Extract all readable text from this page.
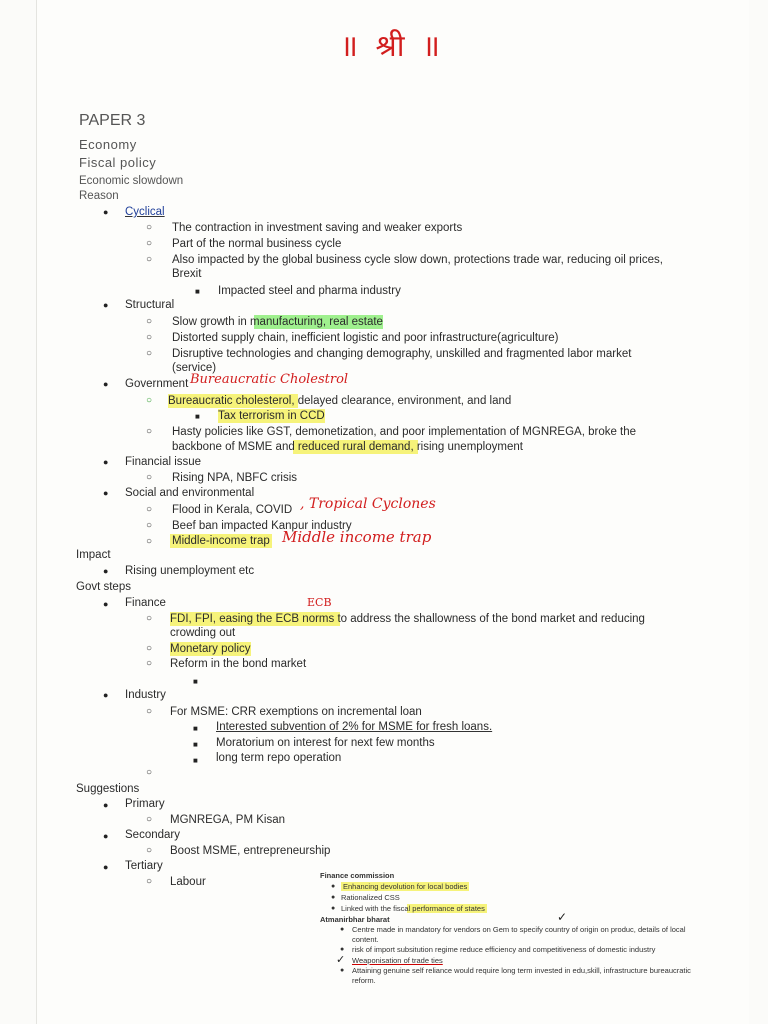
॥ श्री ॥
PAPER 3
Economy
Fiscal policy
Economic slowdown
Reason
● Cyclical
○ The contraction in investment saving and weaker exports
○ Part of the normal business cycle
○ Also impacted by the global business cycle slow down, protections trade war, reducing oil prices,
Brexit
■ Impacted steel and pharma industry
● Structural
○ Slow growth in manufacturing, real estate
○ Distorted supply chain, inefficient logistic and poor infrastructure(agriculture)
○ Disruptive technologies and changing demography, unskilled and fragmented labor market
(service)
● Government Bureaucratic Cholestrol
○ Bureaucratic cholesterol, delayed clearance, environment, and land
■ Tax terrorism in CCD
○ Hasty policies like GST, demonetization, and poor implementation of MGNREGA, broke the
backbone of MSME and reduced rural demand, rising unemployment
● Financial issue
○ Rising NPA, NBFC crisis
● Social and environmental
○ Flood in Kerala, COVID , Tropical Cyclones
○ Beef ban impacted Kanpur industry
○ Middle-income trap Middle income trap
Impact
● Rising unemployment etc
Govt steps
● Finance	ECB
○ FDI, FPI, easing the ECB norms to address the shallowness of the bond market and reducing
crowding out
○ Monetary policy
○ Reform in the bond market
■
● Industry
○ For MSME: CRR exemptions on incremental loan
■ Interested subvention of 2% for MSME for fresh loans.
■ Moratorium on interest for next few months
■ long term repo operation
○
Suggestions
● Primary
○ MGNREGA, PM Kisan
● Secondary
○ Boost MSME, entrepreneurship
● Tertiary
○ Labour
Finance commission
● Enhancing devolution for local bodies
● Rationalized CSS
● Linked with the fiscal performance of states
Atmanirbhar bharat	✓
● Centre made in mandatory for vendors on Gem to specify country of origin on produc, details of local
content.
● risk of import subsitution regime reduce efficiency and competitiveness of domestic industry
✓ Weaponisation of trade ties
● Attaining genuine self reliance would require long term invested in edu,skill, infrastructure bureaucratic
reform.
